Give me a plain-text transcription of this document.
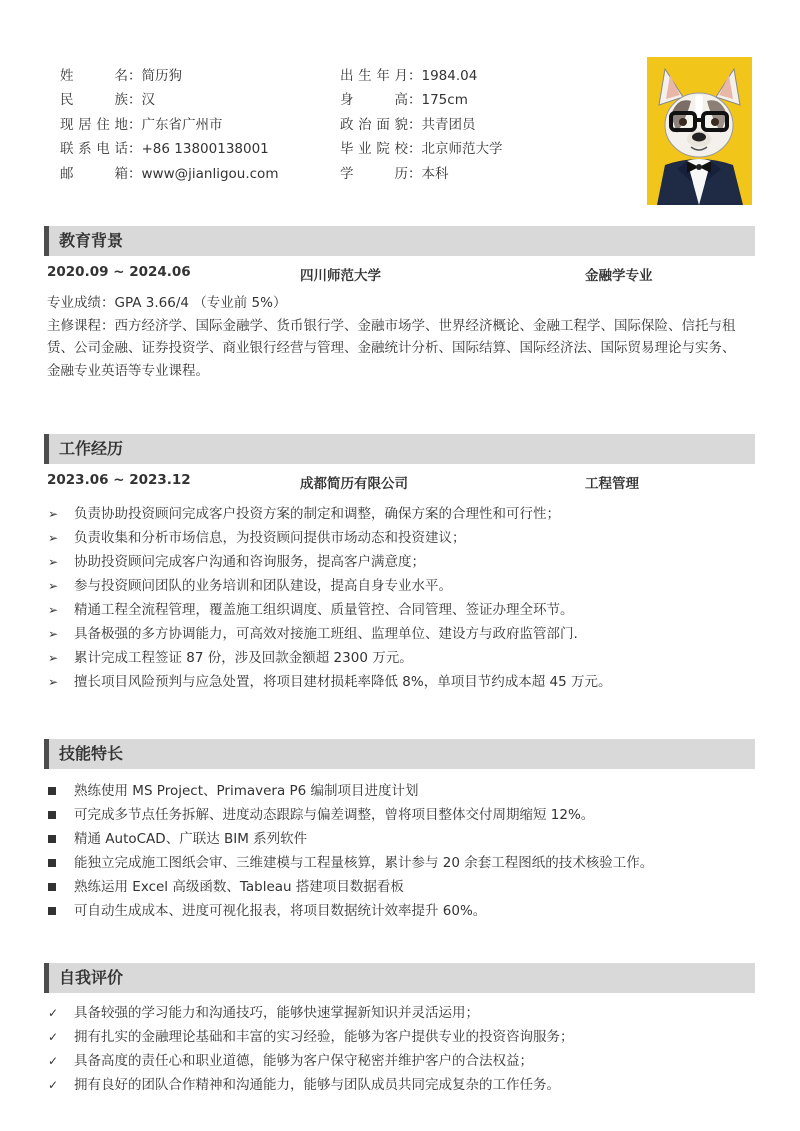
姓名：简历狗
民族：汉
现居住地：广东省广州市
联系电话：+86 13800138001
邮箱：www@jianligou.com
出生年月：1984.04
身高：175cm
政治面貌：共青团员
毕业院校：北京师范大学
学历：本科
教育背景
2020.09 ~ 2024.06	四川师范大学	金融学专业
专业成绩：GPA 3.66/4 （专业前 5%）
主修课程：西方经济学、国际金融学、货币银行学、金融市场学、世界经济概论、金融工程学、国际保险、信托与租赁、公司金融、证券投资学、商业银行经营与管理、金融统计分析、国际结算、国际经济法、国际贸易理论与实务、金融专业英语等专业课程。
工作经历
2023.06 ~ 2023.12	成都简历有限公司	工程管理
➢ 负责协助投资顾问完成客户投资方案的制定和调整，确保方案的合理性和可行性；
➢ 负责收集和分析市场信息，为投资顾问提供市场动态和投资建议；
➢ 协助投资顾问完成客户沟通和咨询服务，提高客户满意度；
➢ 参与投资顾问团队的业务培训和团队建设，提高自身专业水平。
➢ 精通工程全流程管理，覆盖施工组织调度、质量管控、合同管理、签证办理全环节。
➢ 具备极强的多方协调能力，可高效对接施工班组、监理单位、建设方与政府监管部门.
➢ 累计完成工程签证 87 份，涉及回款金额超 2300 万元。
➢ 擅长项目风险预判与应急处置，将项目建材损耗率降低 8%，单项目节约成本超 45 万元。
技能特长
熟练使用 MS Project、Primavera P6 编制项目进度计划
可完成多节点任务拆解、进度动态跟踪与偏差调整，曾将项目整体交付周期缩短 12%。
精通 AutoCAD、广联达 BIM 系列软件
能独立完成施工图纸会审、三维建模与工程量核算，累计参与 20 余套工程图纸的技术核验工作。
熟练运用 Excel 高级函数、Tableau 搭建项目数据看板
可自动生成成本、进度可视化报表，将项目数据统计效率提升 60%。
自我评价
✓ 具备较强的学习能力和沟通技巧，能够快速掌握新知识并灵活运用；
✓ 拥有扎实的金融理论基础和丰富的实习经验，能够为客户提供专业的投资咨询服务；
✓ 具备高度的责任心和职业道德，能够为客户保守秘密并维护客户的合法权益；
✓ 拥有良好的团队合作精神和沟通能力，能够与团队成员共同完成复杂的工作任务。
